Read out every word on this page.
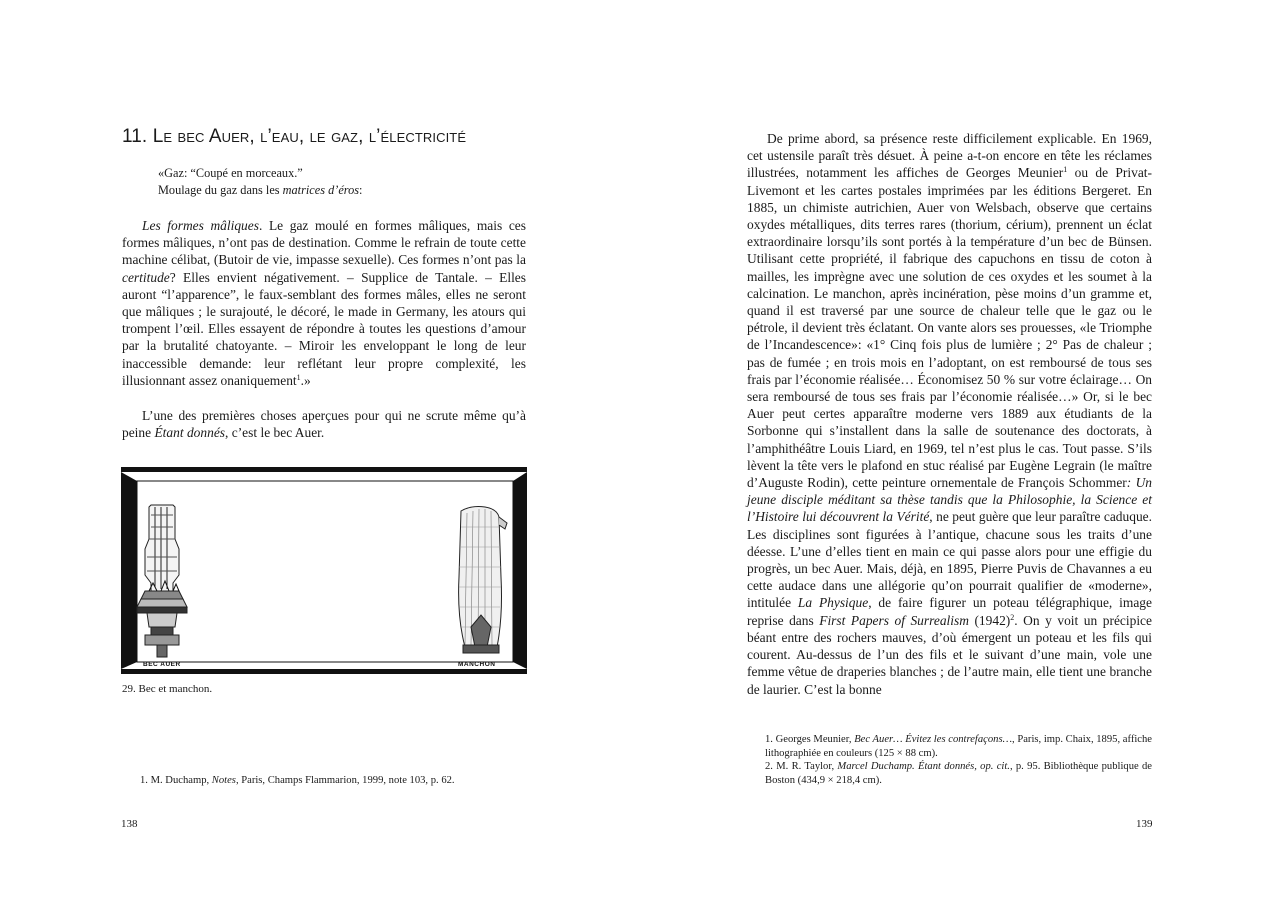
11. Le bec Auer, l’eau, le gaz, l’électricité
«Gaz: “Coupé en morceaux.”
Moulage du gaz dans les matrices d’éros:

Les formes mâliques. Le gaz moulé en formes mâliques, mais ces formes mâliques, n’ont pas de destination. Comme le refrain de toute cette machine célibat, (Butoir de vie, impasse sexuelle). Ces formes n’ont pas la certitude? Elles envient négativement. – Supplice de Tantale. – Elles auront “l’apparence”, le faux-semblant des formes mâles, elles ne seront que mâliques ; le surajouté, le décoré, le made in Germany, les atours qui trompent l’œil. Elles essayent de répondre à toutes les questions d’amour par la brutalité chatoyante. – Miroir les enveloppant le long de leur inaccessible demande: leur reflétant leur propre complexité, les illusionnant assez onaniquement$^1$.»

L’une des premières choses aperçues pour qui ne scrute même qu’à peine Étant donnés, c’est le bec Auer.

BEC AUER	MANCHON
29. Bec et manchon.
1. M. Duchamp, Notes, Paris, Champs Flammarion, 1999, note 103, p. 62.
138

De prime abord, sa présence reste difficilement explicable. En 1969, cet ustensile paraît très désuet. À peine a-t-on encore en tête les réclames illustrées, notamment les affiches de Georges Meunier$^1$ ou de Privat-Livemont et les cartes postales imprimées par les éditions Bergeret. En 1885, un chimiste autrichien, Auer von Welsbach, observe que certains oxydes métalliques, dits terres rares (thorium, cérium), prennent un éclat extraordinaire lorsqu’ils sont portés à la température d’un bec de Bünsen. Utilisant cette propriété, il fabrique des capuchons en tissu de coton à mailles, les imprègne avec une solution de ces oxydes et les soumet à la calcination. Le manchon, après incinération, pèse moins d’un gramme et, quand il est traversé par une source de chaleur telle que le gaz ou le pétrole, il devient très éclatant. On vante alors ses prouesses, «le Triomphe de l’Incandescence»: «1° Cinq fois plus de lumière ; 2° Pas de chaleur ; pas de fumée ; en trois mois en l’adoptant, on est remboursé de tous ses frais par l’économie réalisée… Économisez 50 % sur votre éclairage… On sera remboursé de tous ses frais par l’économie réalisée…» Or, si le bec Auer peut certes apparaître moderne vers 1889 aux étudiants de la Sorbonne qui s’installent dans la salle de soutenance des doctorats, à l’amphithéâtre Louis Liard, en 1969, tel n’est plus le cas. Tout passe. S’ils lèvent la tête vers le plafond en stuc réalisé par Eugène Legrain (le maître d’Auguste Rodin), cette peinture ornementale de François Schommer: Un jeune disciple méditant sa thèse tandis que la Philosophie, la Science et l’Histoire lui découvrent la Vérité, ne peut guère que leur paraître caduque. Les disciplines sont figurées à l’antique, chacune sous les traits d’une déesse. L’une d’elles tient en main ce qui passe alors pour une effigie du progrès, un bec Auer. Mais, déjà, en 1895, Pierre Puvis de Chavannes a eu cette audace dans une allégorie qu’on pourrait qualifier de «moderne», intitulée La Physique, de faire figurer un poteau télégraphique, image reprise dans First Papers of Surrealism $(1942)^2$. On y voit un précipice béant entre des rochers mauves, d’où émergent un poteau et les fils qui courent. Au-dessus de l’un des fils et le suivant d’une main, vole une femme vêtue de draperies blanches ; de l’autre main, elle tient une branche de laurier. C’est la bonne

1. Georges Meunier, Bec Auer… Évitez les contrefaçons…, Paris, imp. Chaix, 1895, affiche lithographiée en couleurs (125 × 88 cm).
2. M. R. Taylor, Marcel Duchamp. Étant donnés, op. cit., p. 95. Bibliothèque publique de Boston (434,9 × 218,4 cm).
139
